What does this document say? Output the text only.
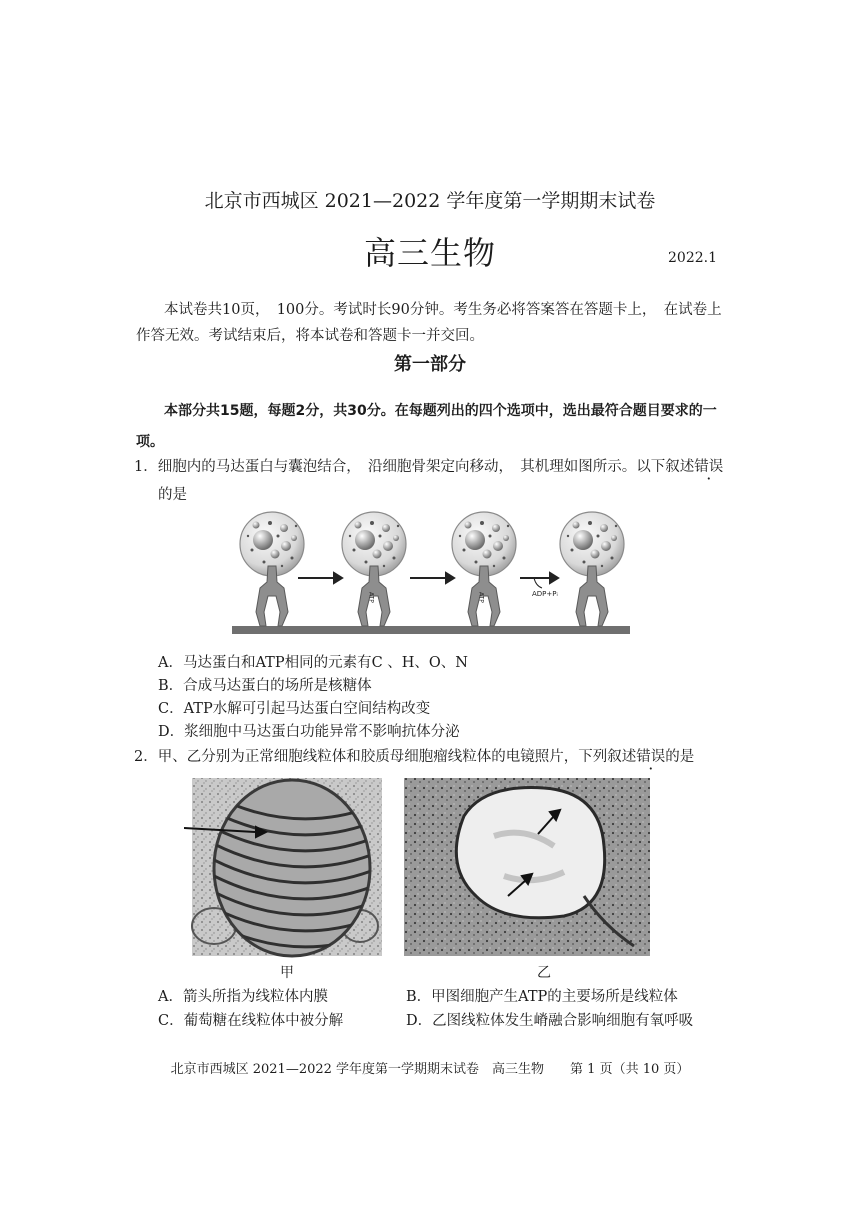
北京市西城区 2021—2022 学年度第一学期期末试卷
高三生物	2022.1
本试卷共10页，　100分。考试时长90分钟。考生务必将答案答在答题卡上，　在试卷上作答无效。考试结束后，将本试卷和答题卡一并交回。
第一部分
本部分共15题，每题2分，共30分。在每题列出的四个选项中，选出最符合题目要求的一项。
1．细胞内的马达蛋白与囊泡结合，　沿细胞骨架定向移动，　其机理如图所示。以下叙述错误
的是
ATP	ATP	ADP+Pᵢ
A．马达蛋白和ATP相同的元素有C 、H、O、N
B．合成马达蛋白的场所是核糖体
C．ATP水解可引起马达蛋白空间结构改变
D．浆细胞中马达蛋白功能异常不影响抗体分泌
2．甲、乙分别为正常细胞线粒体和胶质母细胞瘤线粒体的电镜照片，下列叙述错误的是
甲	乙
A．箭头所指为线粒体内膜	B．甲图细胞产生ATP的主要场所是线粒体
C．葡萄糖在线粒体中被分解	D．乙图线粒体发生嵴融合影响细胞有氧呼吸
北京市西城区 2021—2022 学年度第一学期期末试卷　高三生物　　第 1 页（共 10 页）
